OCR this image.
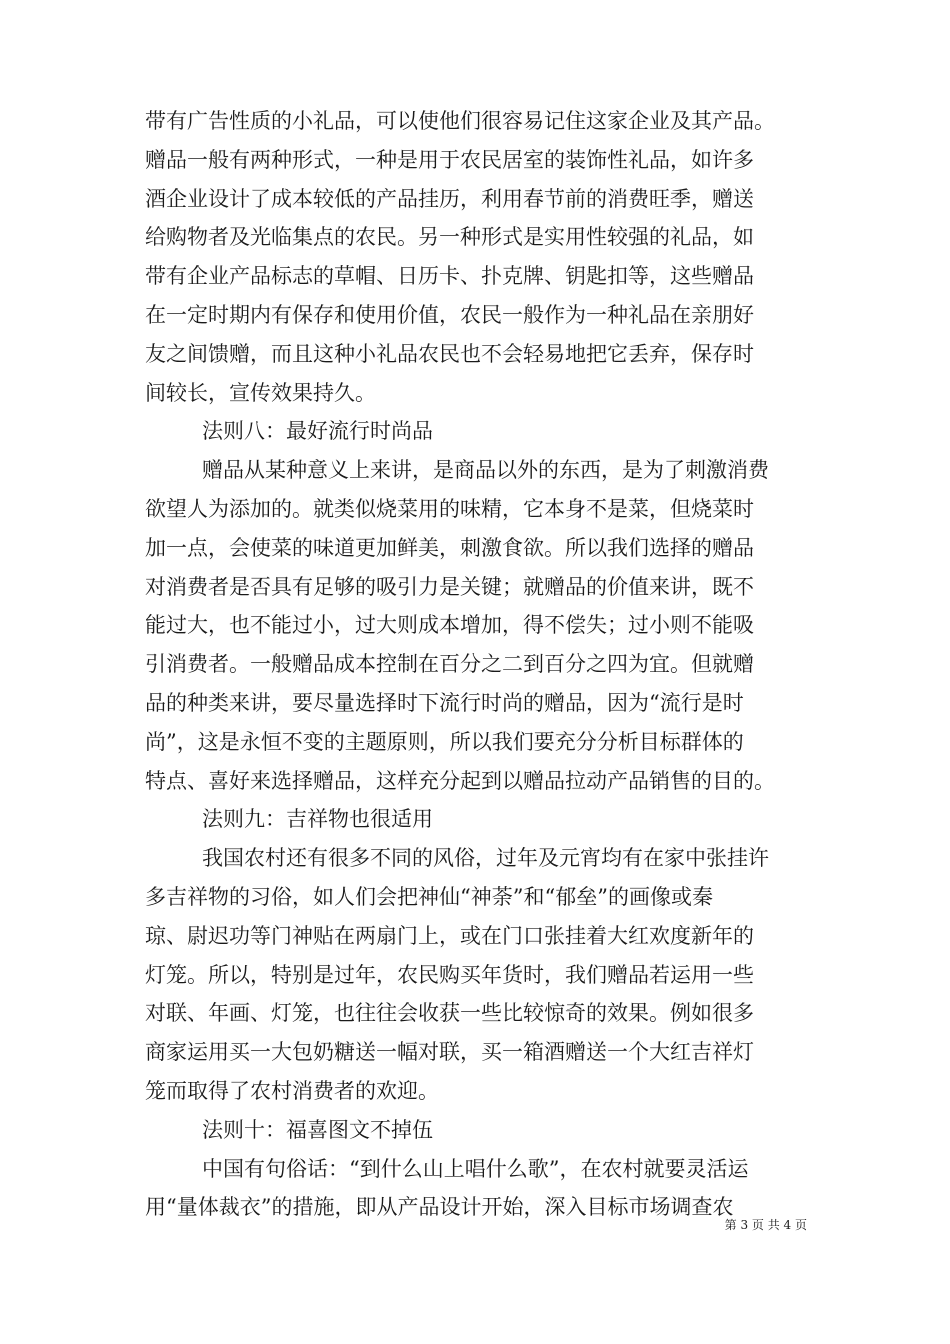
带有广告性质的小礼品，可以使他们很容易记住这家企业及其产品。
赠品一般有两种形式，一种是用于农民居室的装饰性礼品，如许多
酒企业设计了成本较低的产品挂历，利用春节前的消费旺季，赠送
给购物者及光临集点的农民。另一种形式是实用性较强的礼品，如
带有企业产品标志的草帽、日历卡、扑克牌、钥匙扣等，这些赠品
在一定时期内有保存和使用价值，农民一般作为一种礼品在亲朋好
友之间馈赠，而且这种小礼品农民也不会轻易地把它丢弃，保存时
间较长，宣传效果持久。
法则八：最好流行时尚品
赠品从某种意义上来讲，是商品以外的东西，是为了刺激消费
欲望人为添加的。就类似烧菜用的味精，它本身不是菜，但烧菜时
加一点，会使菜的味道更加鲜美，刺激食欲。所以我们选择的赠品
对消费者是否具有足够的吸引力是关键；就赠品的价值来讲，既不
能过大，也不能过小，过大则成本增加，得不偿失；过小则不能吸
引消费者。一般赠品成本控制在百分之二到百分之四为宜。但就赠
品的种类来讲，要尽量选择时下流行时尚的赠品，因为“流行是时
尚”，这是永恒不变的主题原则，所以我们要充分分析目标群体的
特点、喜好来选择赠品，这样充分起到以赠品拉动产品销售的目的。
法则九：吉祥物也很适用
我国农村还有很多不同的风俗，过年及元宵均有在家中张挂许
多吉祥物的习俗，如人们会把神仙“神荼”和“郁垒”的画像或秦
琼、尉迟功等门神贴在两扇门上，或在门口张挂着大红欢度新年的
灯笼。所以，特别是过年，农民购买年货时，我们赠品若运用一些
对联、年画、灯笼，也往往会收获一些比较惊奇的效果。例如很多
商家运用买一大包奶糖送一幅对联，买一箱酒赠送一个大红吉祥灯
笼而取得了农村消费者的欢迎。
法则十：福喜图文不掉伍
中国有句俗话：“到什么山上唱什么歌”，在农村就要灵活运
用“量体裁衣”的措施，即从产品设计开始，深入目标市场调查农
第 3 页 共 4 页
